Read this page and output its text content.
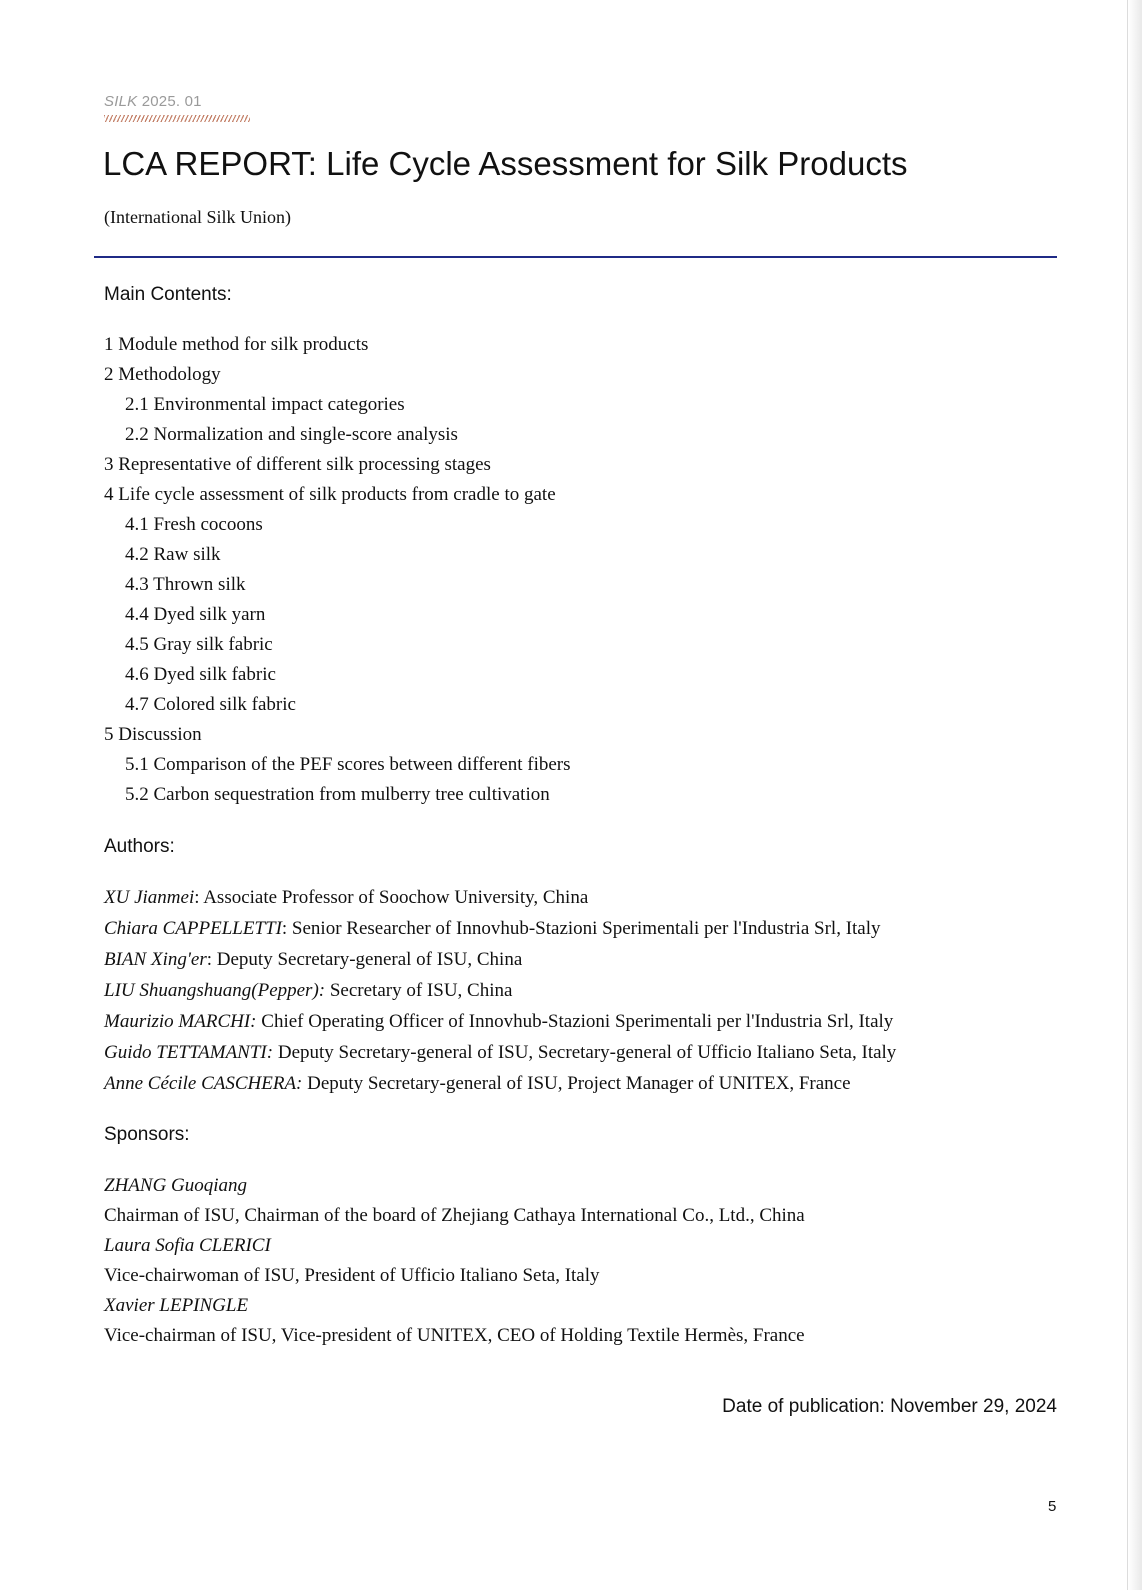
SILK 2025. 01
LCA REPORT: Life Cycle Assessment for Silk Products
(International Silk Union)
Main Contents:
1 Module method for silk products
2 Methodology
2.1 Environmental impact categories
2.2 Normalization and single-score analysis
3 Representative of different silk processing stages
4 Life cycle assessment of silk products from cradle to gate
4.1 Fresh cocoons
4.2 Raw silk
4.3 Thrown silk
4.4 Dyed silk yarn
4.5 Gray silk fabric
4.6 Dyed silk fabric
4.7 Colored silk fabric
5 Discussion
5.1 Comparison of the PEF scores between different fibers
5.2 Carbon sequestration from mulberry tree cultivation
Authors:
XU Jianmei: Associate Professor of Soochow University, China
Chiara CAPPELLETTI: Senior Researcher of Innovhub-Stazioni Sperimentali per l'Industria Srl, Italy
BIAN Xing'er: Deputy Secretary-general of ISU, China
LIU Shuangshuang(Pepper): Secretary of ISU, China
Maurizio MARCHI: Chief Operating Officer of Innovhub-Stazioni Sperimentali per l'Industria Srl, Italy
Guido TETTAMANTI: Deputy Secretary-general of ISU, Secretary-general of Ufficio Italiano Seta, Italy
Anne Cécile CASCHERA: Deputy Secretary-general of ISU, Project Manager of UNITEX, France
Sponsors:
ZHANG Guoqiang
Chairman of ISU, Chairman of the board of Zhejiang Cathaya International Co., Ltd., China
Laura Sofia CLERICI
Vice-chairwoman of ISU, President of Ufficio Italiano Seta, Italy
Xavier LEPINGLE
Vice-chairman of ISU, Vice-president of UNITEX, CEO of Holding Textile Hermès, France
Date of publication: November 29, 2024
5
